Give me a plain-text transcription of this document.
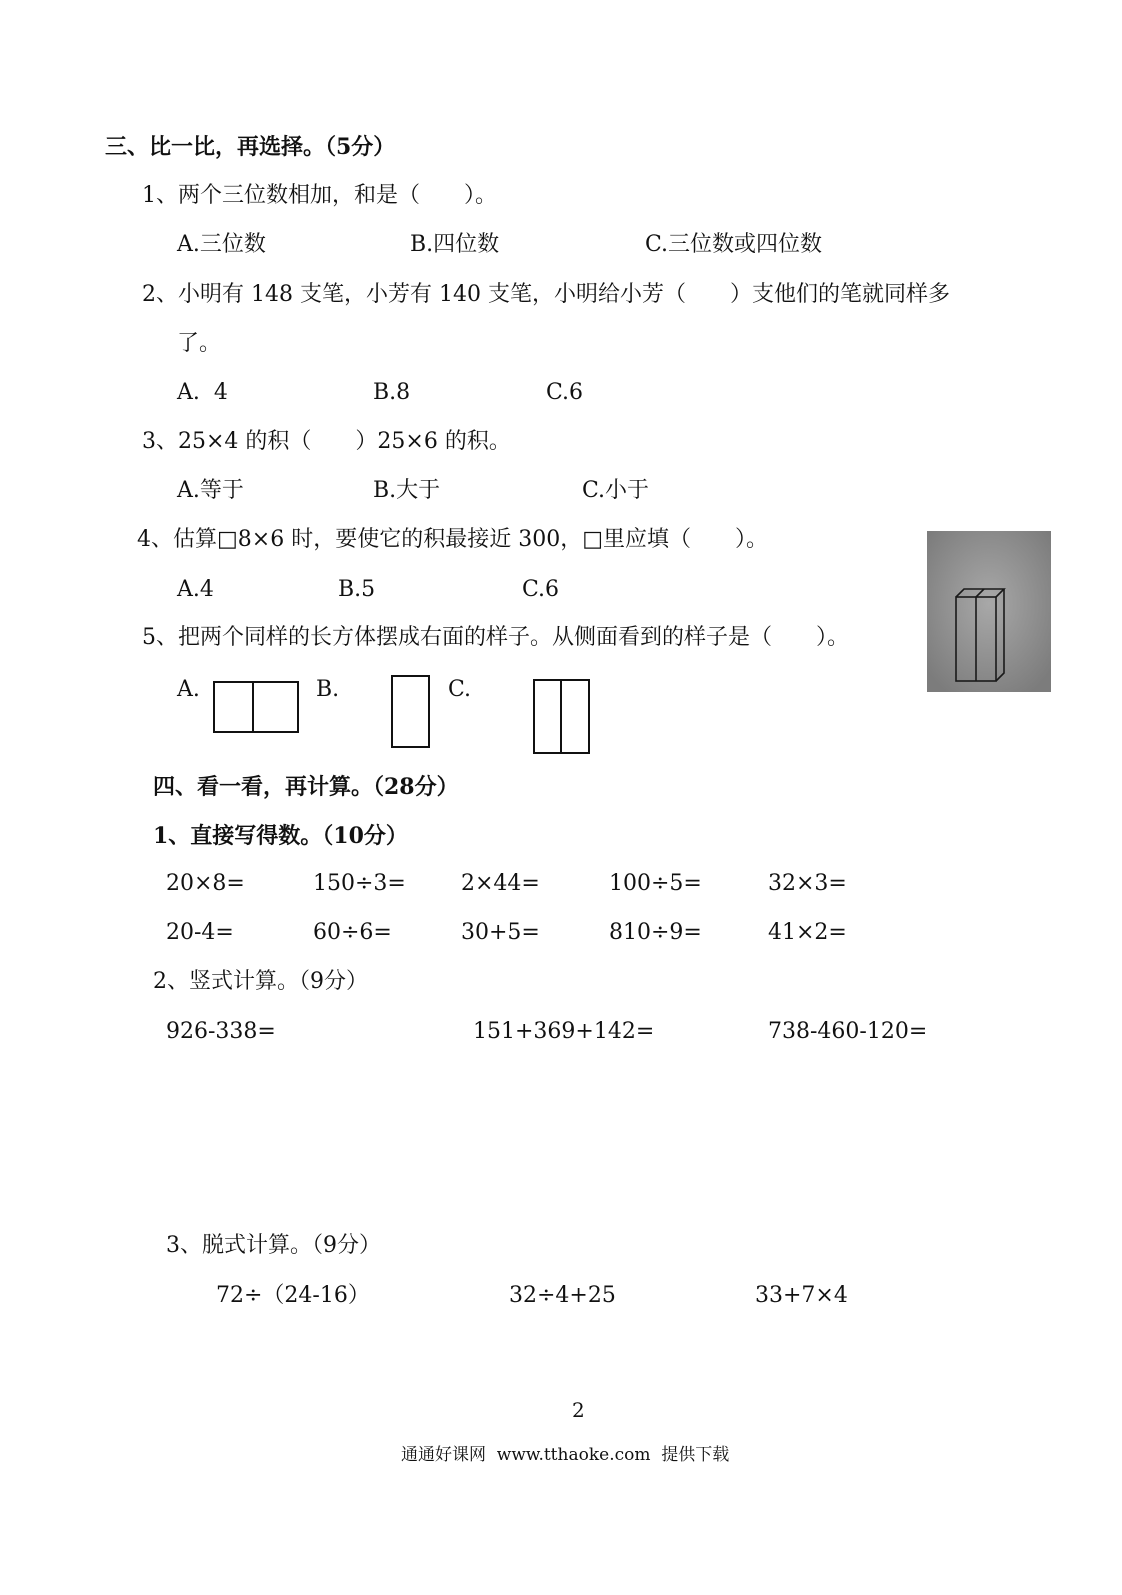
三、比一比，再选择。（5分）
1、两个三位数相加，和是（　　）。
A.三位数	B.四位数	C.三位数或四位数
2、小明有 148 支笔，小芳有 140 支笔，小明给小芳（　　）支他们的笔就同样多
了。
A.  4	B.8	C.6
3、25×4 的积（　　）25×6 的积。
A.等于	B.大于	C.小于
4、估算□8×6 时，要使它的积最接近 300，□里应填（　　）。
A.4	B.5	C.6
5、把两个同样的长方体摆成右面的样子。从侧面看到的样子是（　　）。
A.	B.	C.
四、看一看，再计算。（28分）
1、直接写得数。（10分）
20×8=	150÷3=	2×44=	100÷5=	32×3=
20-4=	60÷6=	30+5=	810÷9=	41×2=
2、竖式计算。（9分）
926-338=	151+369+142=	738-460-120=
3、脱式计算。（9分）
72÷（24-16）	32÷4+25	33+7×4
2
通通好课网  www.tthaoke.com  提供下载
